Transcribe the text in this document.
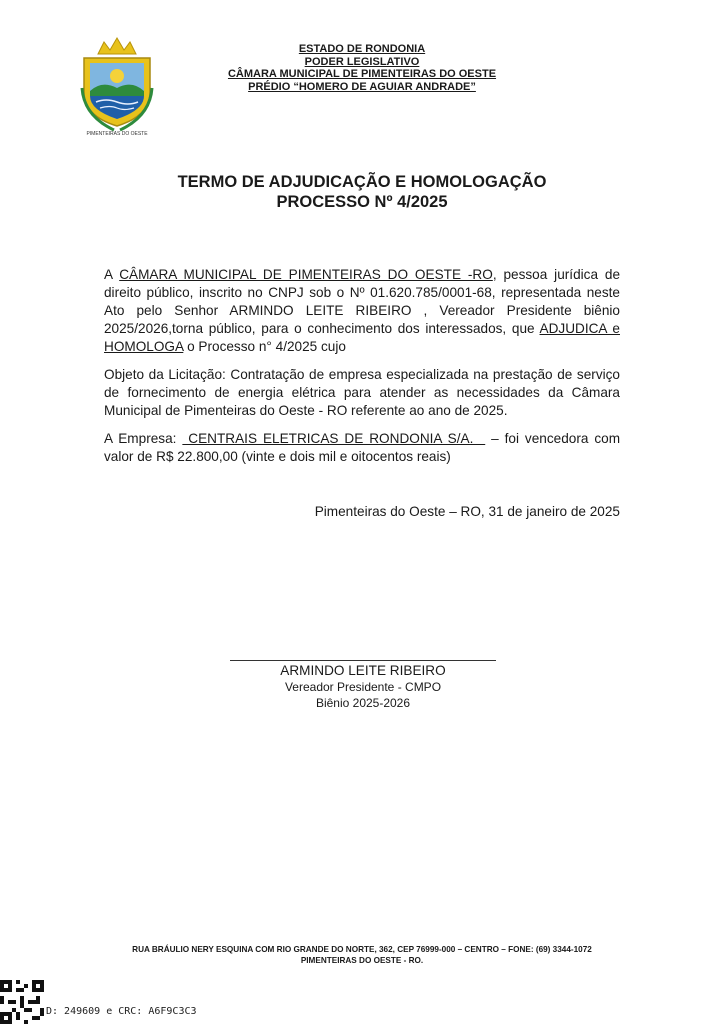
PIMENTEIRAS DO OESTE
ESTADO DE RONDONIA
PODER LEGISLATIVO
CÂMARA MUNICIPAL DE PIMENTEIRAS DO OESTE
PRÉDIO “HOMERO DE AGUIAR ANDRADE”
TERMO DE ADJUDICAÇÃO E HOMOLOGAÇÃO
PROCESSO Nº 4/2025
A CÂMARA MUNICIPAL DE PIMENTEIRAS DO OESTE -RO, pessoa jurídica de direito público, inscrito no CNPJ sob o Nº 01.620.785/0001-68, representada neste Ato pelo Senhor ARMINDO LEITE RIBEIRO , Vereador Presidente biênio 2025/2026,torna público, para o conhecimento dos interessados, que ADJUDICA e HOMOLOGA o Processo n° 4/2025 cujo
Objeto da Licitação: Contratação de empresa especializada na prestação de serviço de fornecimento de energia elétrica para atender as necessidades da Câmara Municipal de Pimenteiras do Oeste - RO referente ao ano de 2025.
A Empresa:  CENTRAIS ELETRICAS DE RONDONIA S/A.   – foi vencedora com valor de R$ 22.800,00 (vinte e dois mil e oitocentos reais)
Pimenteiras do Oeste – RO, 31 de janeiro de 2025
ARMINDO LEITE RIBEIRO
Vereador Presidente - CMPO
Biênio 2025-2026
RUA BRÁULIO NERY ESQUINA COM RIO GRANDE DO NORTE, 362, CEP 76999-000 – CENTRO – FONE: (69) 3344-1072
PIMENTEIRAS DO OESTE - RO.
D: 249609 e CRC: A6F9C3C3
